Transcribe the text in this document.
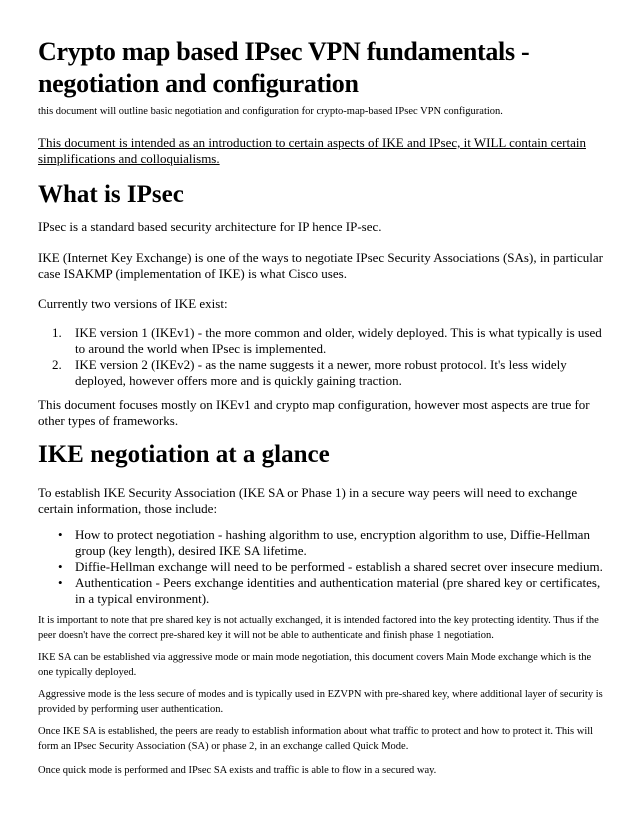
Crypto map based IPsec VPN fundamentals - negotiation and configuration

this document will outline basic negotiation and configuration for crypto-map-based IPsec VPN configuration.

This document is intended as an introduction to certain aspects of IKE and IPsec, it WILL contain certain simplifications and colloquialisms.

What is IPsec

IPsec is a standard based security architecture for IP hence IP-sec.

IKE (Internet Key Exchange) is one of the ways to negotiate IPsec Security Associations (SAs), in particular case ISAKMP (implementation of IKE) is what Cisco uses.

Currently two versions of IKE exist:

1. IKE version 1 (IKEv1) - the more common and older, widely deployed. This is what typically is used to around the world when IPsec is implemented.
2. IKE version 2 (IKEv2) - as the name suggests it a newer, more robust protocol. It's less widely deployed, however offers more and is quickly gaining traction.

This document focuses mostly on IKEv1 and crypto map configuration, however most aspects are true for other types of frameworks.

IKE negotiation at a glance

To establish IKE Security Association (IKE SA or Phase 1) in a secure way peers will need to exchange certain information, those include:

• How to protect negotiation - hashing algorithm to use, encryption algorithm to use, Diffie-Hellman group (key length), desired IKE SA lifetime.
• Diffie-Hellman exchange will need to be performed - establish a shared secret over insecure medium.
• Authentication - Peers exchange identities and authentication material (pre shared key or certificates, in a typical environment).

It is important to note that pre shared key is not actually exchanged, it is intended factored into the key protecting identity. Thus if the peer doesn't have the correct pre-shared key it will not be able to authenticate and finish phase 1 negotiation.

IKE SA can be established via aggressive mode or main mode negotiation, this document covers Main Mode exchange which is the one typically deployed.

Aggressive mode is the less secure of modes and is typically used in EZVPN with pre-shared key, where additional layer of security is provided by performing user authentication.

Once IKE SA is established, the peers are ready to establish information about what traffic to protect and how to protect it. This will form an IPsec Security Association (SA) or phase 2, in an exchange called Quick Mode.

Once quick mode is performed and IPsec SA exists and traffic is able to flow in a secured way.
